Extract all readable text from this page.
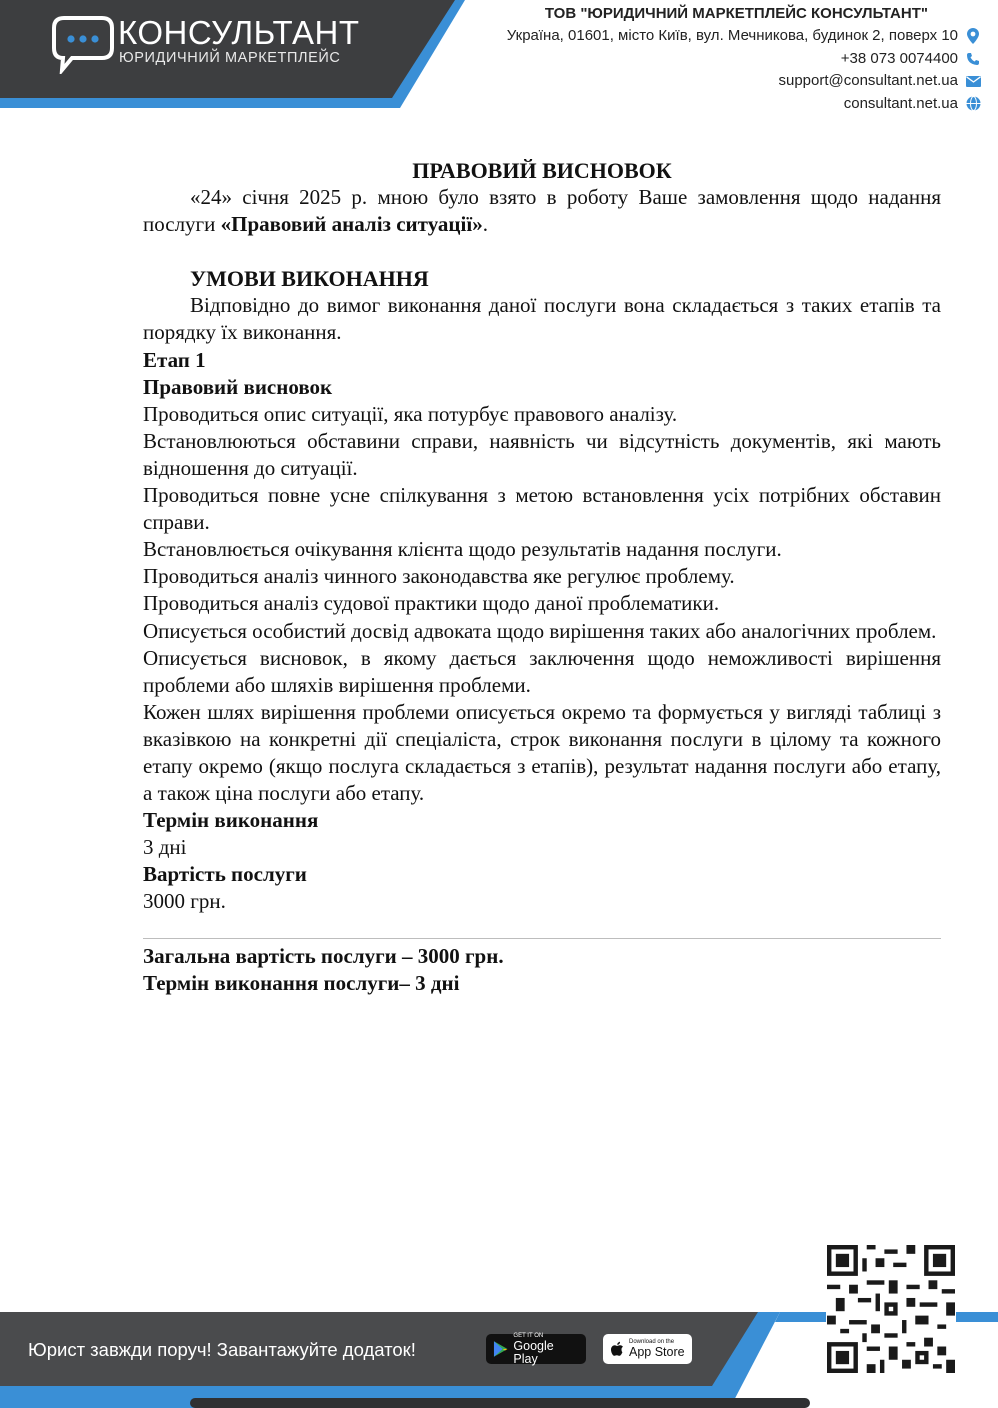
КОНСУЛЬТАНТ
ЮРИДИЧНИЙ МАРКЕТПЛЕЙС
ТОВ "ЮРИДИЧНИЙ МАРКЕТПЛЕЙС КОНСУЛЬТАНТ"
Україна, 01601, місто Київ, вул. Мечникова, будинок 2, поверх 10
+38 073 0074400
support@consultant.net.ua
consultant.net.ua

ПРАВОВИЙ ВИСНОВОК

«24» січня 2025 р. мною було взято в роботу Ваше замовлення щодо надання послуги «Правовий аналіз ситуації».

УМОВИ ВИКОНАННЯ

Відповідно до вимог виконання даної послуги вона складається з таких етапів та порядку їх виконання.

Етап 1

Правовий висновок

Проводиться опис ситуації, яка потурбує правового аналізу.

Встановлюються обставини справи, наявність чи відсутність документів, які мають відношення до ситуації.

Проводиться повне усне спілкування з метою встановлення усіх потрібних обставин справи.

Встановлюється очікування клієнта щодо результатів надання послуги.

Проводиться аналіз чинного законодавства яке регулює проблему.

Проводиться аналіз судової практики щодо даної проблематики.

Описується особистий досвід адвоката щодо вирішення таких або аналогічних проблем.

Описується висновок, в якому дається заключення щодо неможливості вирішення проблеми або шляхів вирішення проблеми.

Кожен шлях вирішення проблеми описується окремо та формується у вигляді таблиці з вказівкою на конкретні дії спеціаліста, строк виконання послуги в цілому та кожного етапу окремо (якщо послуга складається з етапів), результат надання послуги або етапу, а також ціна послуги або етапу.

Термін виконання

3 дні

Вартість послуги

3000 грн.

Загальна вартість послуги – 3000 грн.

Термін виконання послуги– 3 дні

Юрист завжди поруч! Завантажуйте додаток!
GET IT ON
Google Play
Download on the
App Store
